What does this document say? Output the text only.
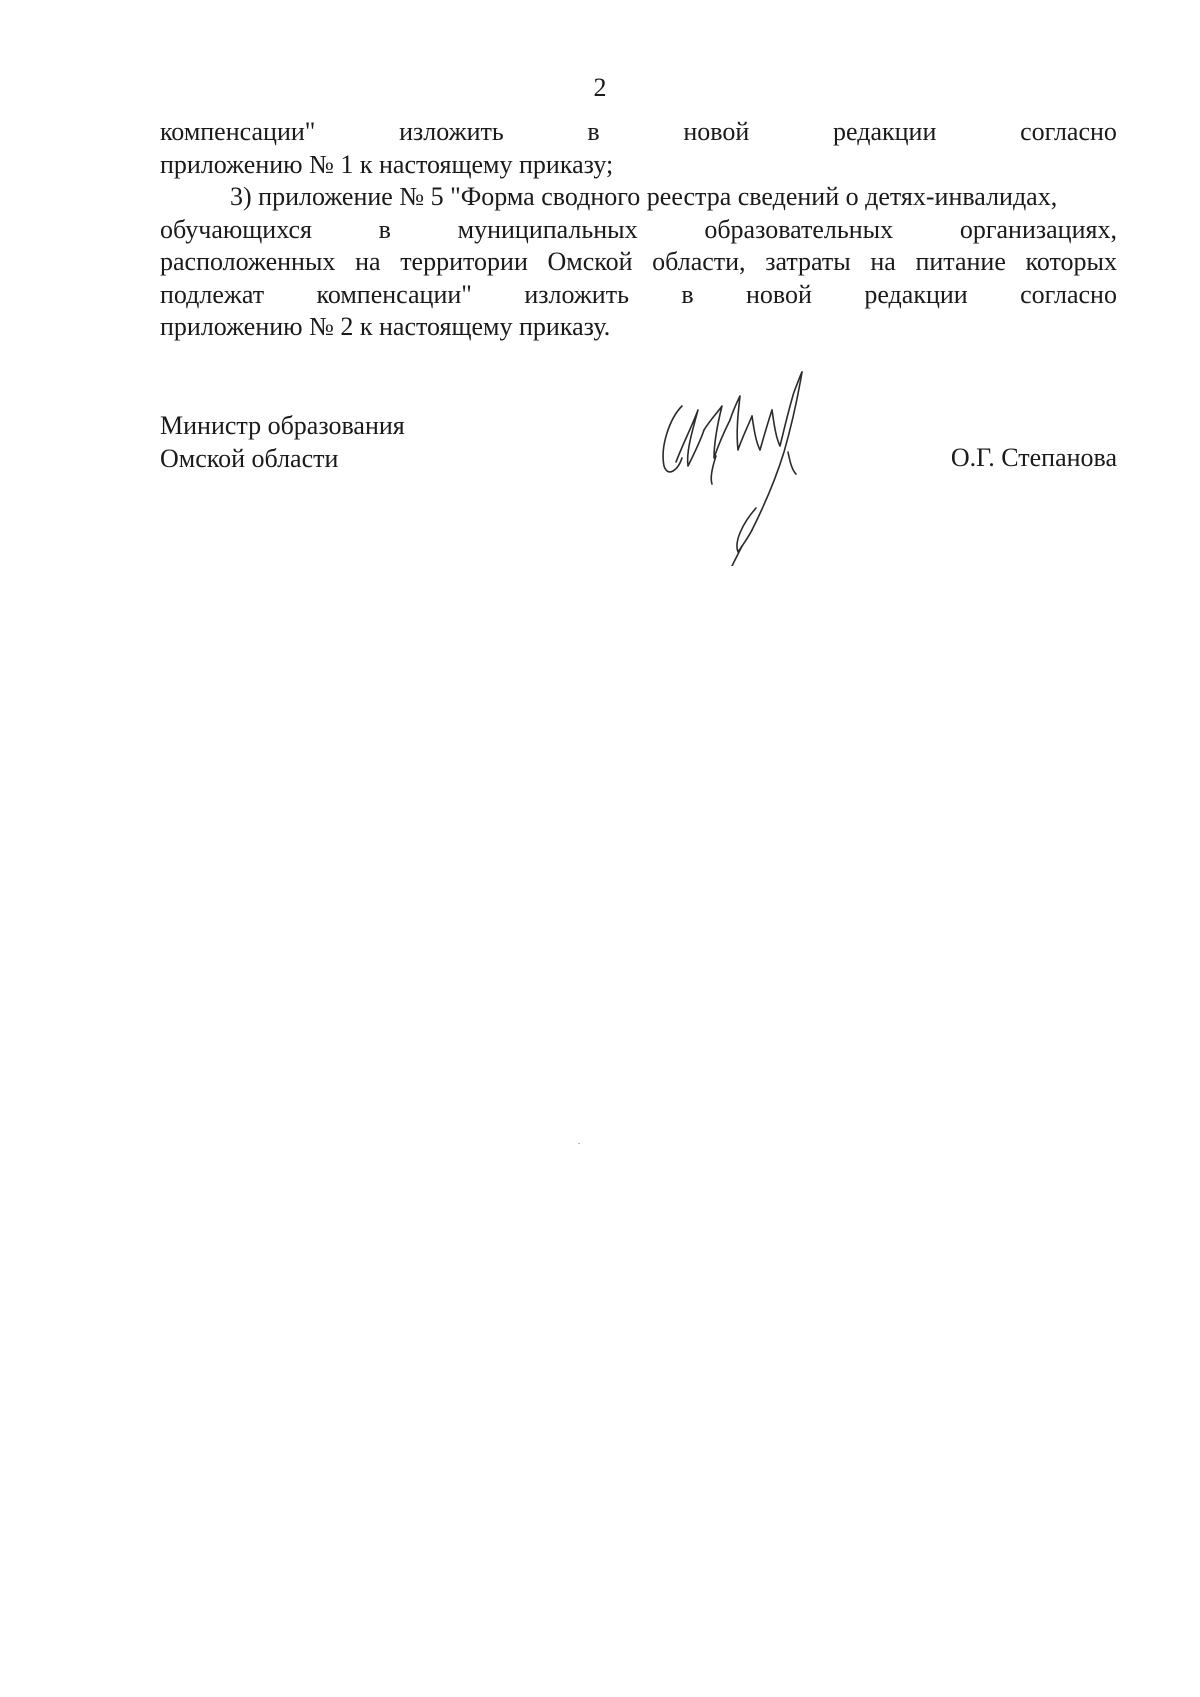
2
компенсации"	изложить	в	новой	редакции	согласно
приложению № 1 к настоящему приказу;
3) приложение № 5 "Форма сводного реестра сведений о детях-инвалидах,
обучающихся	в	муниципальных	образовательных	организациях,
расположенных на территории Омской области, затраты на питание которых
подлежат компенсации" изложить в новой редакции согласно
приложению № 2 к настоящему приказу.
Министр образования
Омской области	О.Г. Степанова
